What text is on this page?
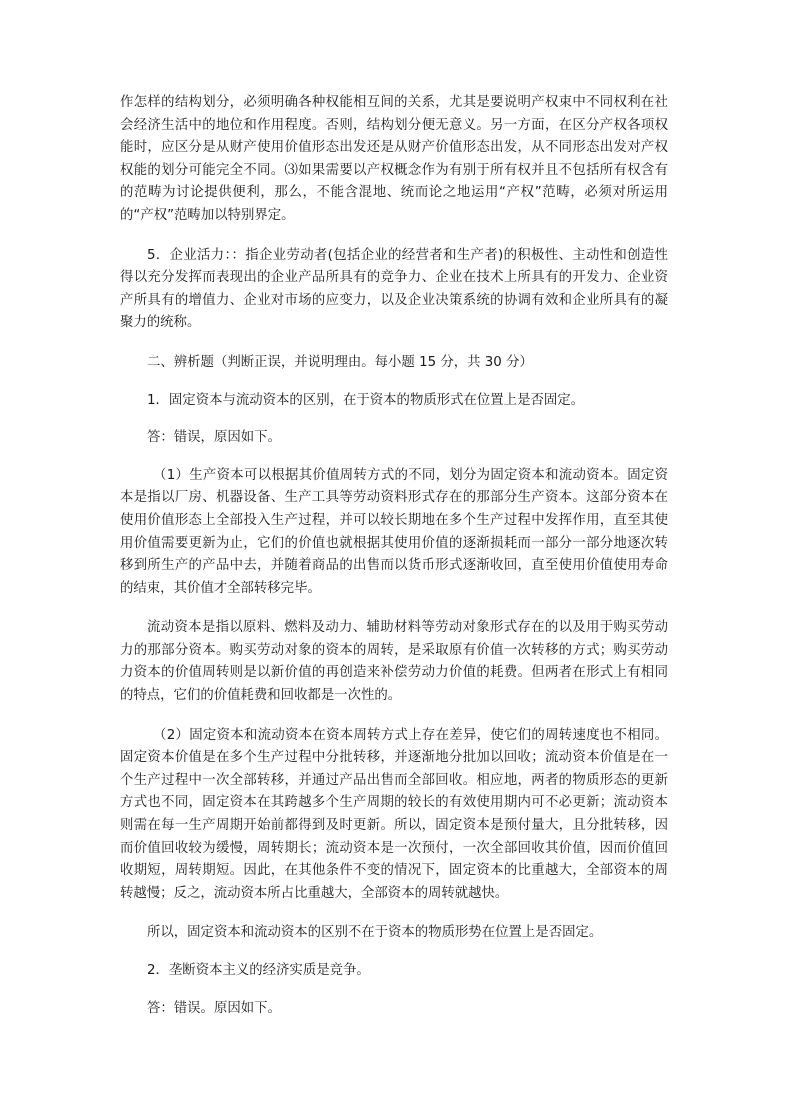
作怎样的结构划分，必须明确各种权能相互间的关系，尤其是要说明产权束中不同权利在社会经济生活中的地位和作用程度。否则，结构划分便无意义。另一方面，在区分产权各项权能时，应区分是从财产使用价值形态出发还是从财产价值形态出发，从不同形态出发对产权权能的划分可能完全不同。⑶如果需要以产权概念作为有别于所有权并且不包括所有权含有的范畴为讨论提供便利，那么，不能含混地、统而论之地运用“产权”范畴，必须对所运用的“产权”范畴加以特别界定。

5．企业活力：：指企业劳动者(包括企业的经营者和生产者)的积极性、主动性和创造性得以充分发挥而表现出的企业产品所具有的竞争力、企业在技术上所具有的开发力、企业资产所具有的增值力、企业对市场的应变力，以及企业决策系统的协调有效和企业所具有的凝聚力的统称。

二、辨析题（判断正误，并说明理由。每小题 15 分，共 30 分）

1．固定资本与流动资本的区别，在于资本的物质形式在位置上是否固定。

答：错误，原因如下。

（1）生产资本可以根据其价值周转方式的不同，划分为固定资本和流动资本。固定资本是指以厂房、机器设备、生产工具等劳动资料形式存在的那部分生产资本。这部分资本在使用价值形态上全部投入生产过程，并可以较长期地在多个生产过程中发挥作用，直至其使用价值需要更新为止，它们的价值也就根据其使用价值的逐渐损耗而一部分一部分地逐次转移到所生产的产品中去，并随着商品的出售而以货币形式逐渐收回，直至使用价值使用寿命的结束，其价值才全部转移完毕。

流动资本是指以原料、燃料及动力、辅助材料等劳动对象形式存在的以及用于购买劳动力的那部分资本。购买劳动对象的资本的周转，是采取原有价值一次转移的方式；购买劳动力资本的价值周转则是以新价值的再创造来补偿劳动力价值的耗费。但两者在形式上有相同的特点，它们的价值耗费和回收都是一次性的。

（2）固定资本和流动资本在资本周转方式上存在差异，使它们的周转速度也不相同。固定资本价值是在多个生产过程中分批转移，并逐渐地分批加以回收；流动资本价值是在一个生产过程中一次全部转移，并通过产品出售而全部回收。相应地，两者的物质形态的更新方式也不同，固定资本在其跨越多个生产周期的较长的有效使用期内可不必更新；流动资本则需在每一生产周期开始前都得到及时更新。所以，固定资本是预付量大，且分批转移，因而价值回收较为缓慢，周转期长；流动资本是一次预付，一次全部回收其价值，因而价值回收期短，周转期短。因此，在其他条件不变的情况下，固定资本的比重越大，全部资本的周转越慢；反之，流动资本所占比重越大，全部资本的周转就越快。

所以，固定资本和流动资本的区别不在于资本的物质形势在位置上是否固定。

2．垄断资本主义的经济实质是竞争。

答：错误。原因如下。
